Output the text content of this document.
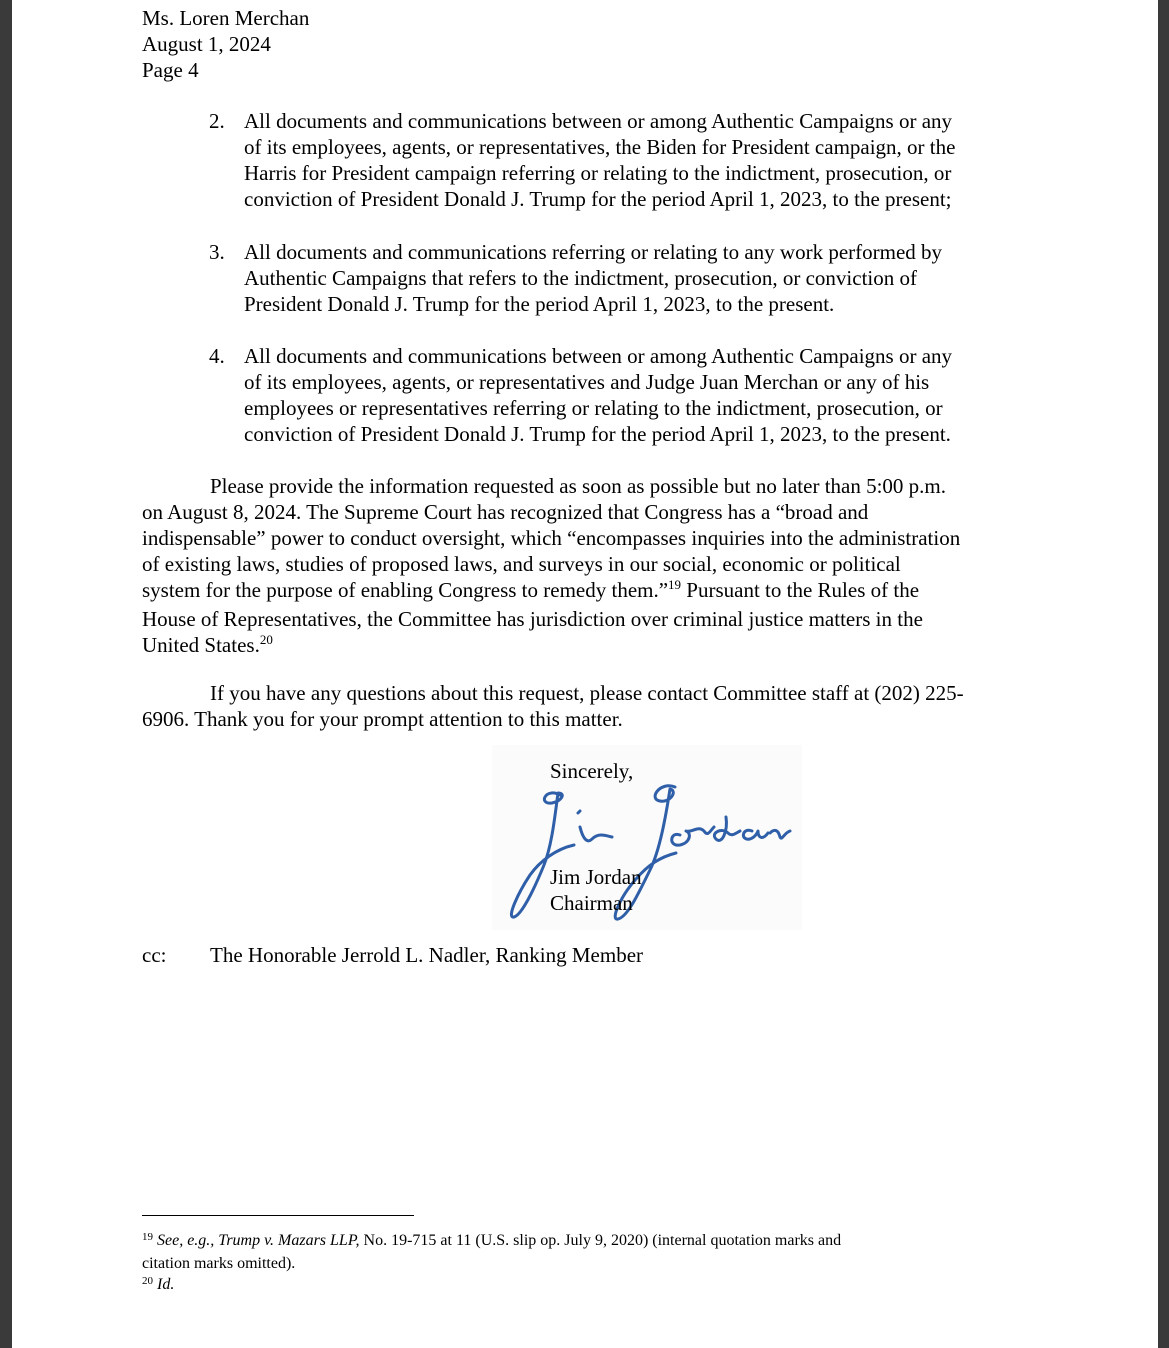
Ms. Loren Merchan
August 1, 2024
Page 4
2. All documents and communications between or among Authentic Campaigns or any
of its employees, agents, or representatives, the Biden for President campaign, or the
Harris for President campaign referring or relating to the indictment, prosecution, or
conviction of President Donald J. Trump for the period April 1, 2023, to the present;
3. All documents and communications referring or relating to any work performed by
Authentic Campaigns that refers to the indictment, prosecution, or conviction of
President Donald J. Trump for the period April 1, 2023, to the present.
4. All documents and communications between or among Authentic Campaigns or any
of its employees, agents, or representatives and Judge Juan Merchan or any of his
employees or representatives referring or relating to the indictment, prosecution, or
conviction of President Donald J. Trump for the period April 1, 2023, to the present.
Please provide the information requested as soon as possible but no later than 5:00 p.m.
on August 8, 2024. The Supreme Court has recognized that Congress has a “broad and
indispensable” power to conduct oversight, which “encompasses inquiries into the administration
of existing laws, studies of proposed laws, and surveys in our social, economic or political
system for the purpose of enabling Congress to remedy them.”$^{19}$ Pursuant to the Rules of the
House of Representatives, the Committee has jurisdiction over criminal justice matters in the
United States.$^{20}$
If you have any questions about this request, please contact Committee staff at (202) 225-
6906. Thank you for your prompt attention to this matter.
Sincerely,
Jim Jordan
Chairman
cc: The Honorable Jerrold L. Nadler, Ranking Member
$^{19}$ See, e.g., Trump v. Mazars LLP, No. 19-715 at 11 (U.S. slip op. July 9, 2020) (internal quotation marks and
citation marks omitted).
$^{20}$ Id.
